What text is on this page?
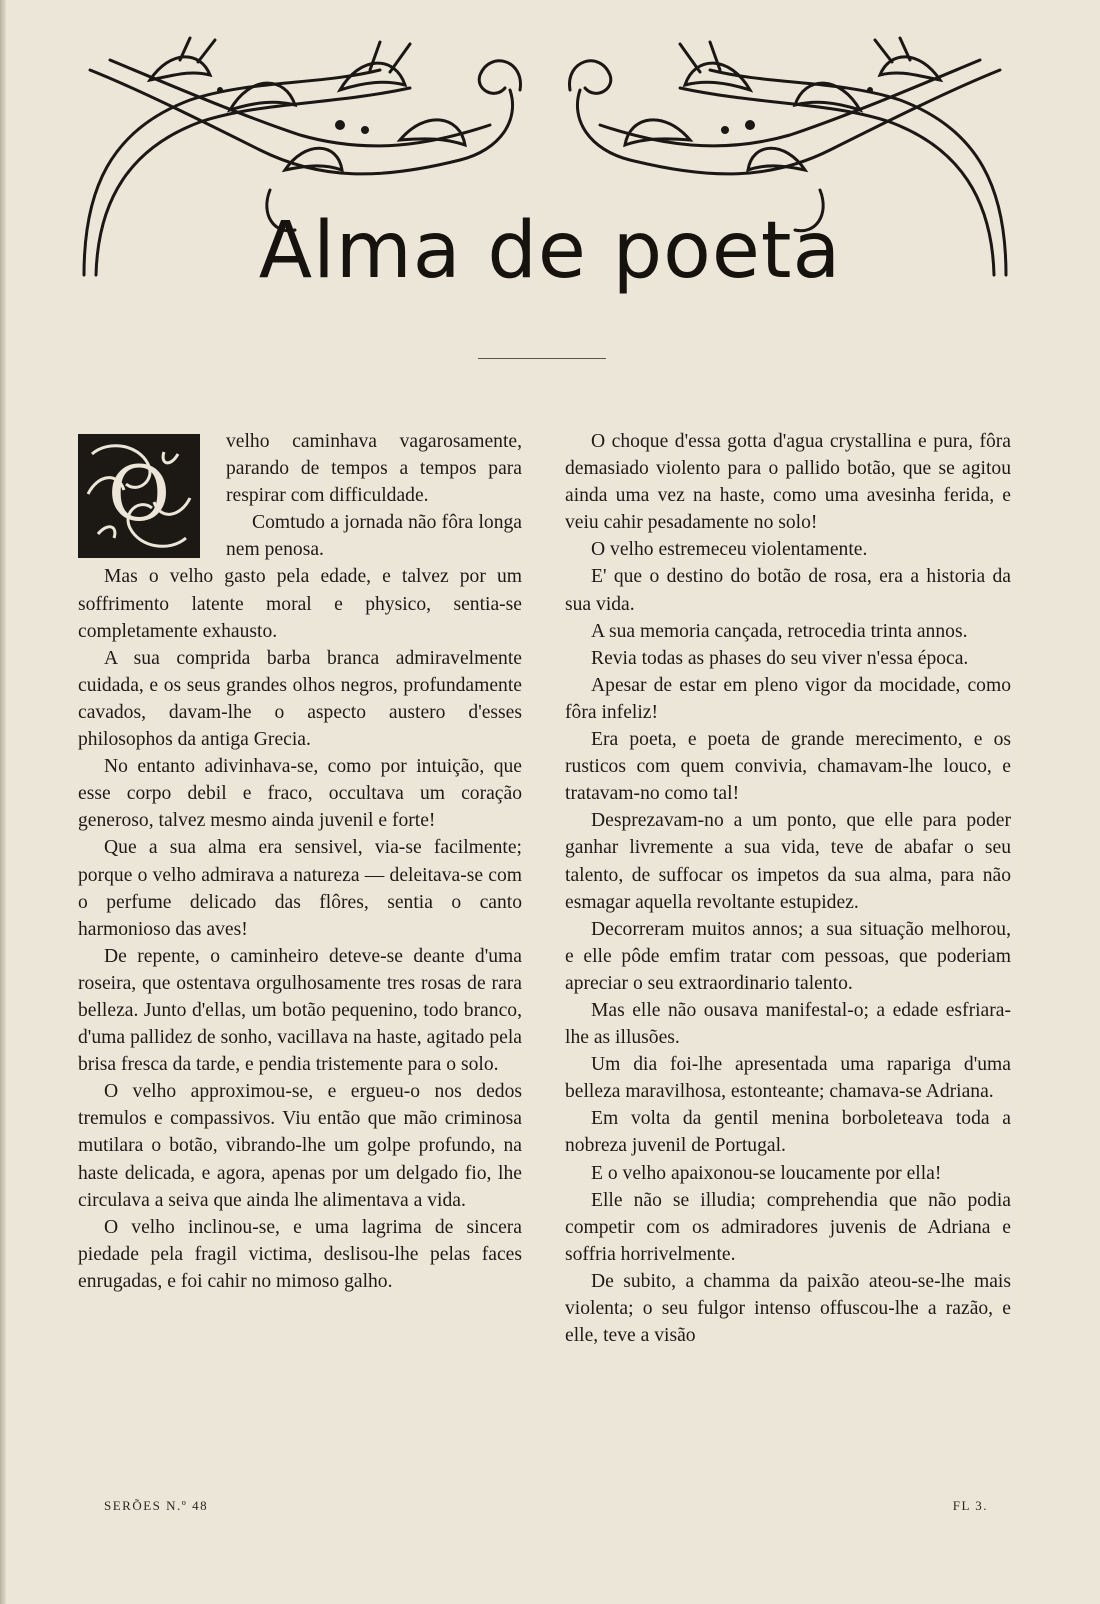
Alma de poeta
O

velho caminhava vagarosamente, parando de tempos a tempos para respirar com difficuldade.

Comtudo a jornada não fôra longa nem penosa.

Mas o velho gasto pela edade, e talvez por um soffrimento latente moral e physico, sentia-se completamente exhausto.

A sua comprida barba branca admiravelmente cuidada, e os seus grandes olhos negros, profundamente cavados, davam-lhe o aspecto austero d'esses philosophos da antiga Grecia.

No entanto adivinhava-se, como por intuição, que esse corpo debil e fraco, occultava um coração generoso, talvez mesmo ainda juvenil e forte!

Que a sua alma era sensivel, via-se facilmente; porque o velho admirava a natureza — deleitava-se com o perfume delicado das flôres, sentia o canto harmonioso das aves!

De repente, o caminheiro deteve-se deante d'uma roseira, que ostentava orgulhosamente tres rosas de rara belleza. Junto d'ellas, um botão pequenino, todo branco, d'uma pallidez de sonho, vacillava na haste, agitado pela brisa fresca da tarde, e pendia tristemente para o solo.

O velho approximou-se, e ergueu-o nos dedos tremulos e compassivos. Viu então que mão criminosa mutilara o botão, vibrando-lhe um golpe profundo, na haste delicada, e agora, apenas por um delgado fio, lhe circulava a seiva que ainda lhe alimentava a vida.

O velho inclinou-se, e uma lagrima de sincera piedade pela fragil victima, deslisou-lhe pelas faces enrugadas, e foi cahir no mimoso galho.

O choque d'essa gotta d'agua crystallina e pura, fôra demasiado violento para o pallido botão, que se agitou ainda uma vez na haste, como uma avesinha ferida, e veiu cahir pesadamente no solo!

O velho estremeceu violentamente.

E' que o destino do botão de rosa, era a historia da sua vida.

A sua memoria cançada, retrocedia trinta annos.

Revia todas as phases do seu viver n'essa época.

Apesar de estar em pleno vigor da mocidade, como fôra infeliz!

Era poeta, e poeta de grande merecimento, e os rusticos com quem convivia, chamavam-lhe louco, e tratavam-no como tal!

Desprezavam-no a um ponto, que elle para poder ganhar livremente a sua vida, teve de abafar o seu talento, de suffocar os impetos da sua alma, para não esmagar aquella revoltante estupidez.

Decorreram muitos annos; a sua situação melhorou, e elle pôde emfim tratar com pessoas, que poderiam apreciar o seu extraordinario talento.

Mas elle não ousava manifestal-o; a edade esfriara-lhe as illusões.

Um dia foi-lhe apresentada uma rapariga d'uma belleza maravilhosa, estonteante; chamava-se Adriana.

Em volta da gentil menina borboleteava toda a nobreza juvenil de Portugal.

E o velho apaixonou-se loucamente por ella!

Elle não se illudia; comprehendia que não podia competir com os admiradores juvenis de Adriana e soffria horrivelmente.

De subito, a chamma da paixão ateou-se-lhe mais violenta; o seu fulgor intenso offuscou-lhe a razão, e elle, teve a visão

SERÕES N.º 48	FL 3.
